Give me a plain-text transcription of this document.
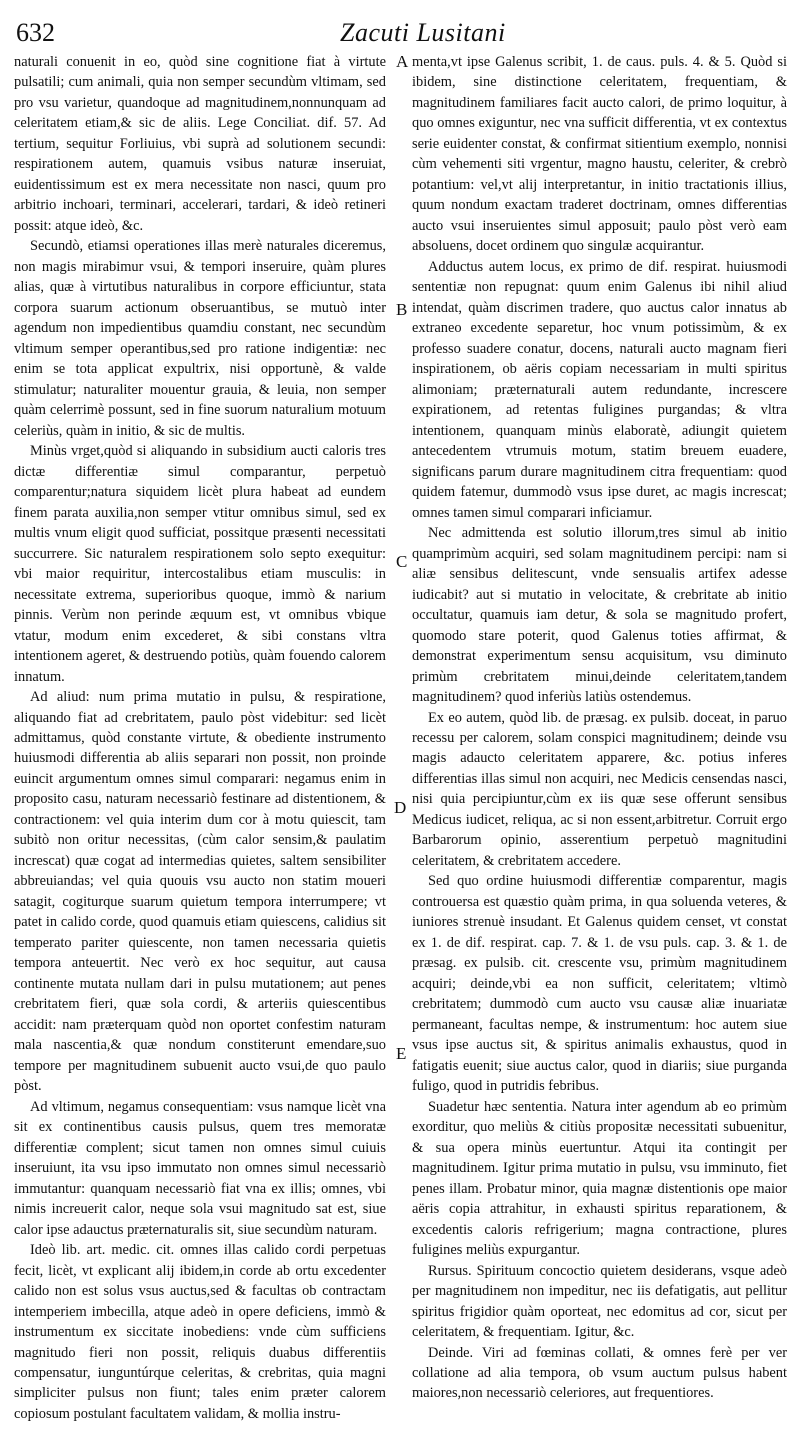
632	Zacuti Lusitani
A
B
C
D
E

naturali conuenit in eo, quòd sine cognitione fiat à virtute pulsatili; cum animali, quia non semper secundùm vltimam, sed pro vsu varietur, quandoque ad magnitudinem,nonnunquam ad celeritatem etiam,& sic de aliis. Lege Conciliat. dif. 57. Ad tertium, sequitur Forliuius, vbi suprà ad solutionem secundi: respirationem autem, quamuis vsibus naturæ inseruiat, euidentissimum est ex mera necessitate non nasci, quum pro arbitrio inchoari, terminari, accelerari, tardari, & ideò retineri possit: atque ideò, &c.

Secundò, etiamsi operationes illas merè naturales diceremus, non magis mirabimur vsui, & tempori inseruire, quàm plures alias, quæ à virtutibus naturalibus in corpore efficiuntur, stata corpora suarum actionum obseruantibus, se mutuò inter agendum non impedientibus quamdiu constant, nec secundùm vltimum semper operantibus,sed pro ratione indigentiæ: nec enim se tota applicat expultrix, nisi opportunè, & valde stimulatur; naturaliter mouentur grauia, & leuia, non semper quàm celerrimè possunt, sed in fine suorum naturalium motuum celeriùs, quàm in initio, & sic de multis.

Minùs vrget,quòd si aliquando in subsidium aucti caloris tres dictæ differentiæ simul comparantur, perpetuò comparentur;natura siquidem licèt plura habeat ad eundem finem parata auxilia,non semper vtitur omnibus simul, sed ex multis vnum eligit quod sufficiat, possitque præsenti necessitati succurrere. Sic naturalem respirationem solo septo exequitur: vbi maior requiritur, intercostalibus etiam musculis: in necessitate extrema, superioribus quoque, immò & narium pinnis. Verùm non perinde æquum est, vt omnibus vbique vtatur, modum enim excederet, & sibi constans vltra intentionem ageret, & destruendo potiùs, quàm fouendo calorem innatum.

Ad aliud: num prima mutatio in pulsu, & respiratione, aliquando fiat ad crebritatem, paulo pòst videbitur: sed licèt admittamus, quòd constante virtute, & obediente instrumento huiusmodi differentia ab aliis separari non possit, non proinde euincit argumentum omnes simul comparari: negamus enim in proposito casu, naturam necessariò festinare ad distentionem, & contractionem: vel quia interim dum cor à motu quiescit, tam subitò non oritur necessitas, (cùm calor sensim,& paulatim increscat) quæ cogat ad intermedias quietes, saltem sensibiliter abbreuiandas; vel quia quouis vsu aucto non statim moueri satagit, cogiturque suarum quietum tempora interrumpere; vt patet in calido corde, quod quamuis etiam quiescens, calidius sit temperato pariter quiescente, non tamen necessaria quietis tempora anteuertit. Nec verò ex hoc sequitur, aut causa continente mutata nullam dari in pulsu mutationem; aut penes crebritatem fieri, quæ sola cordi, & arteriis quiescentibus accidit: nam præterquam quòd non oportet confestim naturam mala nascentia,& quæ nondum constiterunt emendare,suo tempore per magnitudinem subuenit aucto vsui,de quo paulo pòst.

Ad vltimum, negamus consequentiam: vsus namque licèt vna sit ex continentibus causis pulsus, quem tres memoratæ differentiæ complent; sicut tamen non omnes simul cuiuis inseruiunt, ita vsu ipso immutato non omnes simul necessariò immutantur: quanquam necessariò fiat vna ex illis; omnes, vbi nimis increuerit calor, neque sola vsui magnitudo sat est, siue calor ipse adauctus præternaturalis sit, siue secundùm naturam.

Ideò lib. art. medic. cit. omnes illas calido cordi perpetuas fecit, licèt, vt explicant alij ibidem,in corde ab ortu excedenter calido non est solus vsus auctus,sed & facultas ob contractam intemperiem imbecilla, atque adeò in opere deficiens, immò & instrumentum ex siccitate inobediens: vnde cùm sufficiens magnitudo fieri non possit, reliquis duabus differentiis compensatur, iunguntúrque celeritas, & crebritas, quia magni simpliciter pulsus non fiunt; tales enim præter calorem copiosum postulant facultatem validam, & mollia instru-

menta,vt ipse Galenus scribit, 1. de caus. puls. 4. & 5. Quòd si ibidem, sine distinctione celeritatem, frequentiam, & magnitudinem familiares facit aucto calori, de primo loquitur, à quo omnes exiguntur, nec vna sufficit differentia, vt ex contextus serie euidenter constat, & confirmat sitientium exemplo, nonnisi cùm vehementi siti vrgentur, magno haustu, celeriter, & crebrò potantium: vel,vt alij interpretantur, in initio tractationis illius, quum nondum exactam traderet doctrinam, omnes differentias aucto vsui inseruientes simul apposuit; paulo pòst verò eam absoluens, docet ordinem quo singulæ acquirantur.

Adductus autem locus, ex primo de dif. respirat. huiusmodi sententiæ non repugnat: quum enim Galenus ibi nihil aliud intendat, quàm discrimen tradere, quo auctus calor innatus ab extraneo excedente separetur, hoc vnum potissimùm, & ex professo suadere conatur, docens, naturali aucto magnam fieri inspirationem, ob aëris copiam necessariam in multi spiritus alimoniam; præternaturali autem redundante, increscere expirationem, ad retentas fuligines purgandas; & vltra intentionem, quanquam minùs elaboratè, adiungit quietem antecedentem vtrumuis motum, statim breuem euadere, significans parum durare magnitudinem citra frequentiam: quod quidem fatemur, dummodò vsus ipse duret, ac magis increscat; omnes tamen simul comparari inficiamur.

Nec admittenda est solutio illorum,tres simul ab initio quamprimùm acquiri, sed solam magnitudinem percipi: nam si aliæ sensibus delitescunt, vnde sensualis artifex adesse iudicabit? aut si mutatio in velocitate, & crebritate ab initio occultatur, quamuis iam detur, & sola se magnitudo profert, quomodo stare poterit, quod Galenus toties affirmat, & demonstrat experimentum sensu acquisitum, vsu diminuto primùm crebritatem minui,deinde celeritatem,tandem magnitudinem? quod inferiùs latiùs ostendemus.

Ex eo autem, quòd lib. de præsag. ex pulsib. doceat, in paruo recessu per calorem, solam conspici magnitudinem; deinde vsu magis adaucto celeritatem apparere, &c. potius inferes differentias illas simul non acquiri, nec Medicis censendas nasci, nisi quia percipiuntur,cùm ex iis quæ sese offerunt sensibus Medicus iudicet, reliqua, ac si non essent,arbitretur. Corruit ergo Barbarorum opinio, asserentium perpetuò magnitudini celeritatem, & crebritatem accedere.

Sed quo ordine huiusmodi differentiæ comparentur, magis controuersa est quæstio quàm prima, in qua soluenda veteres, & iuniores strenuè insudant. Et Galenus quidem censet, vt constat ex 1. de dif. respirat. cap. 7. & 1. de vsu puls. cap. 3. & 1. de præsag. ex pulsib. cit. crescente vsu, primùm magnitudinem acquiri; deinde,vbi ea non sufficit, celeritatem; vltimò crebritatem; dummodò cum aucto vsu causæ aliæ inuariatæ permaneant, facultas nempe, & instrumentum: hoc autem siue vsus ipse auctus sit, & spiritus animalis exhaustus, quod in fatigatis euenit; siue auctus calor, quod in diariis; siue purganda fuligo, quod in putridis febribus.

Suadetur hæc sententia. Natura inter agendum ab eo primùm exorditur, quo meliùs & citiùs propositæ necessitati subuenitur, & sua opera minùs euertuntur. Atqui ita contingit per magnitudinem. Igitur prima mutatio in pulsu, vsu imminuto, fiet penes illam. Probatur minor, quia magnæ distentionis ope maior aëris copia attrahitur, in exhausti spiritus reparationem, & excedentis caloris refrigerium; magna contractione, plures fuligines meliùs expurgantur.

Rursus. Spirituum concoctio quietem desiderans, vsque adeò per magnitudinem non impeditur, nec iis defatigatis, aut pellitur spiritus frigidior quàm oporteat, nec edomitus ad cor, sicut per celeritatem, & frequentiam. Igitur, &c.

Deinde. Viri ad fœminas collati, & omnes ferè per ver collatione ad alia tempora, ob vsum auctum pulsus habent maiores,non necessariò celeriores, aut frequentiores.
